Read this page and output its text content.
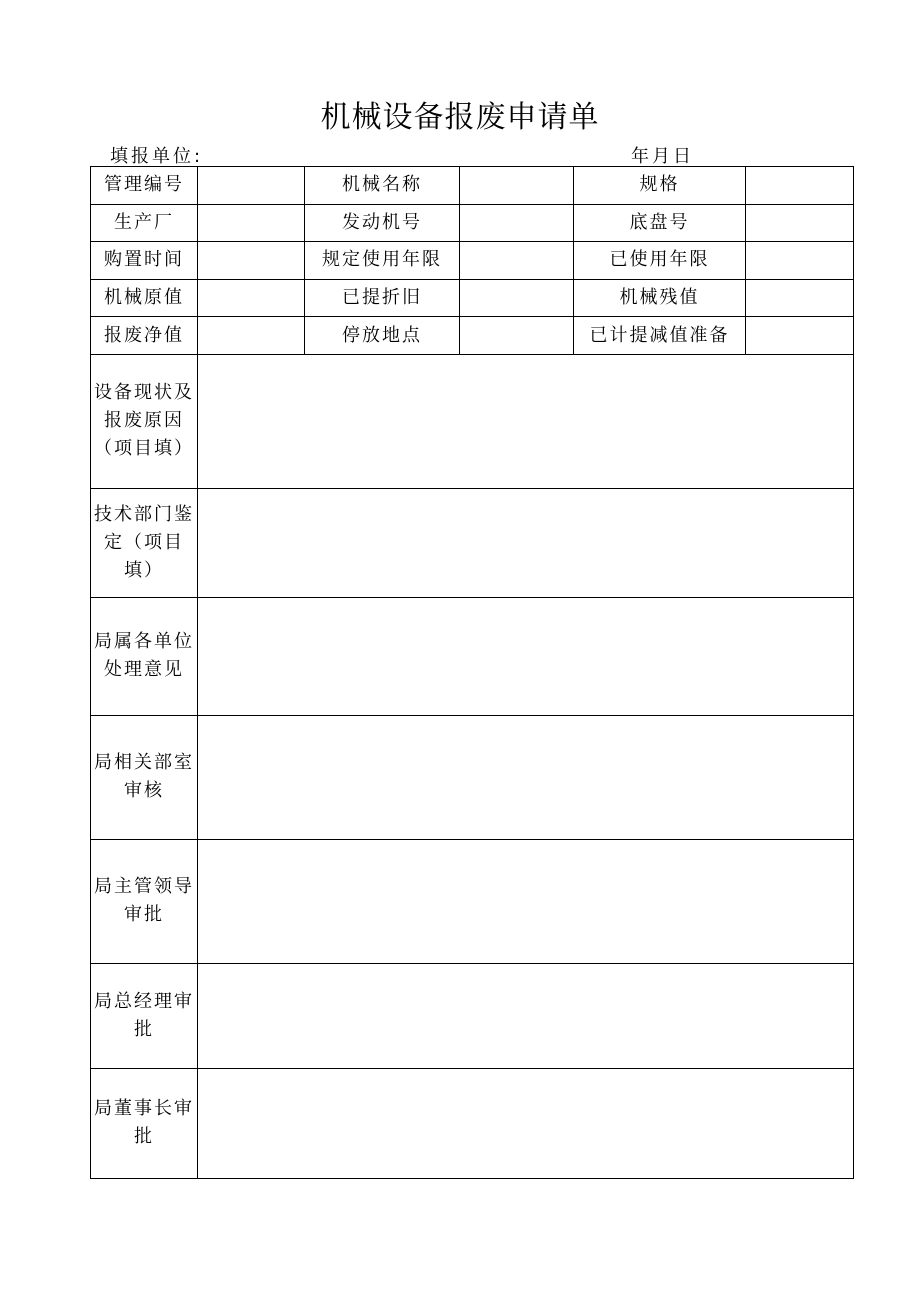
机械设备报废申请单
填报单位:	年月日
管理编号		机械名称		规格	
生产厂		发动机号		底盘号	
购置时间		规定使用年限		已使用年限	
机械原值		已提折旧		机械残值	
报废净值		停放地点		已计提减值准备	
设备现状及报废原因（项目填）					
技术部门鉴定（项目填）					
局属各单位处理意见					
局相关部室审核					
局主管领导审批					
局总经理审批					
局董事长审批					
